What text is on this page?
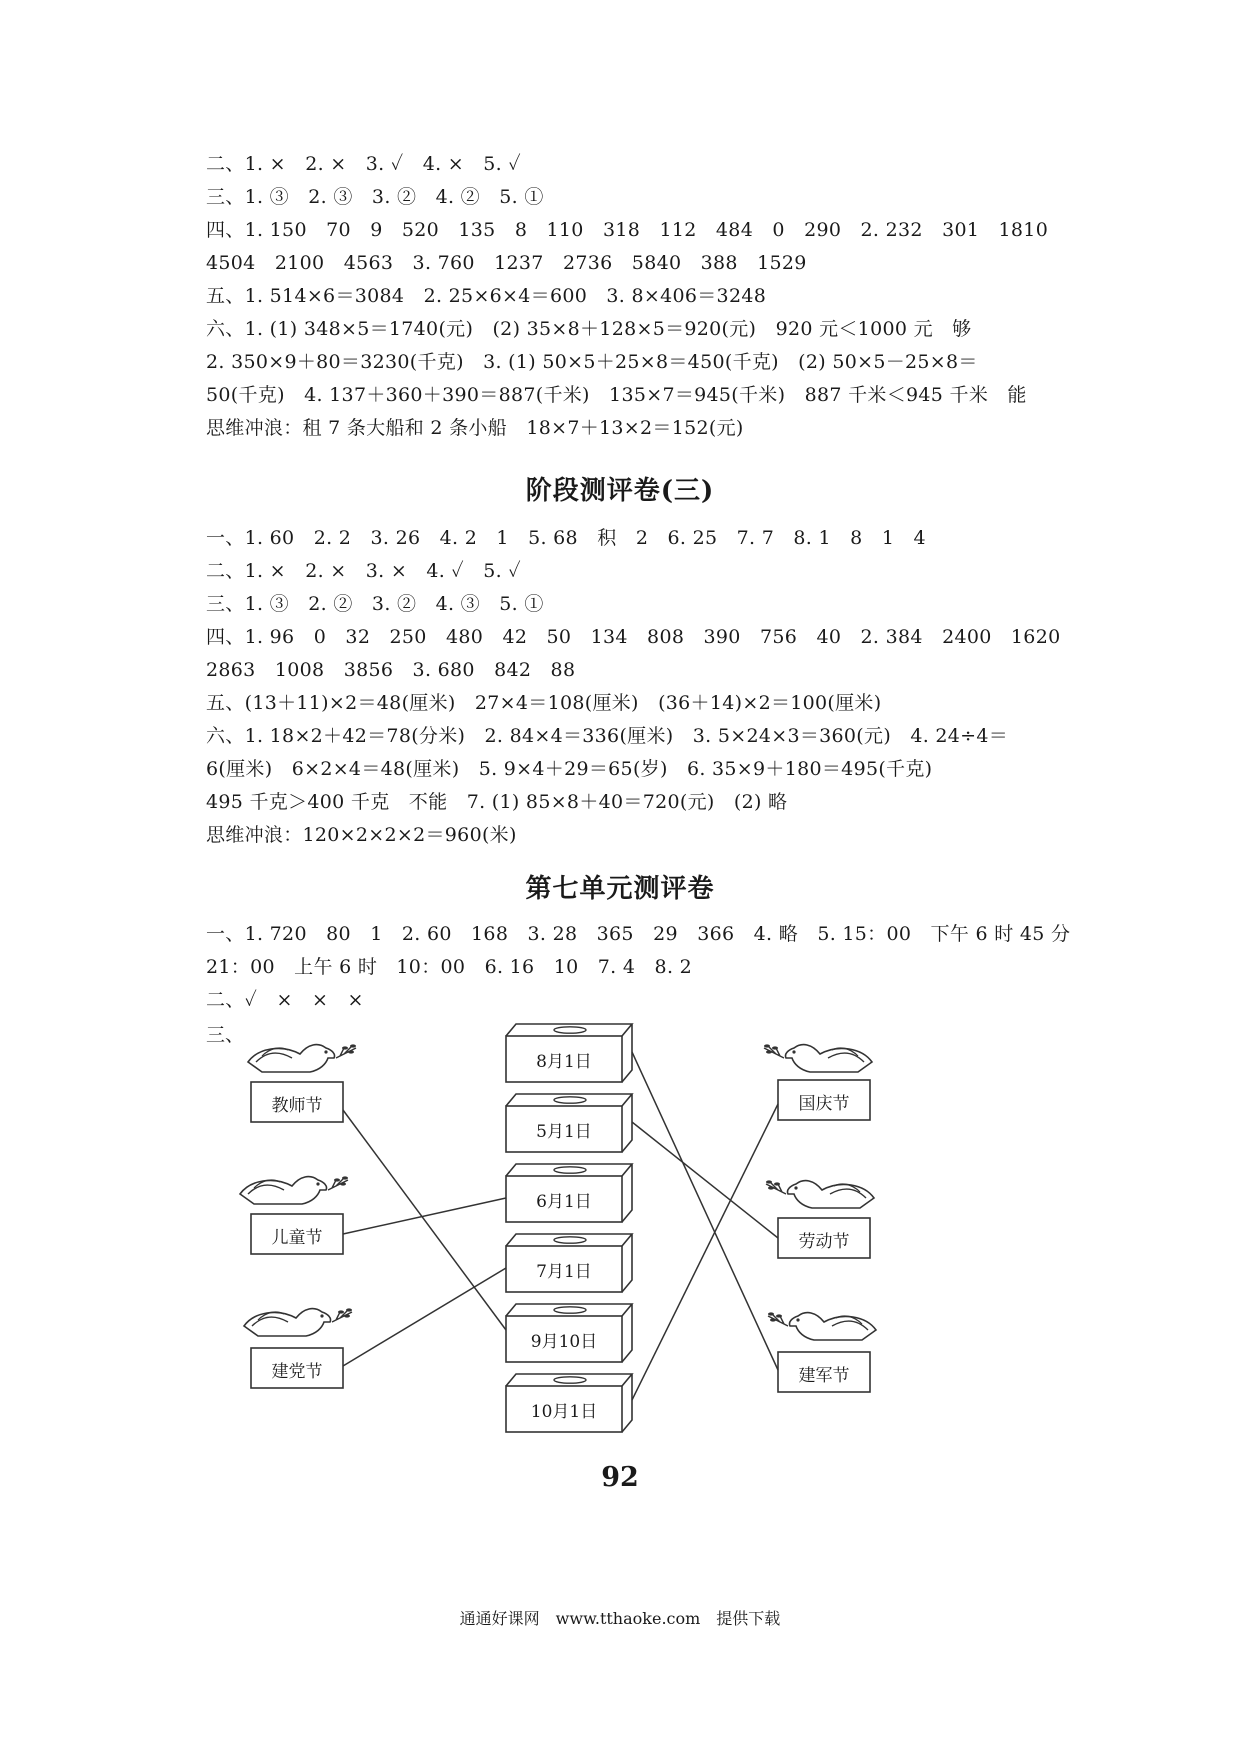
二、1. ×　2. ×　3. ✓　4. ×　5. ✓
三、1. ③　2. ③　3. ②　4. ②　5. ①
四、1. 150　70　9　520　135　8　110　318　112　484　0　290　2. 232　301　1810
4504　2100　4563　3. 760　1237　2736　5840　388　1529
五、1. 514×6＝3084　2. 25×6×4＝600　3. 8×406＝3248
六、1. (1) 348×5＝1740(元)　(2) 35×8＋128×5＝920(元)　920 元＜1000 元　够
2. 350×9＋80＝3230(千克)　3. (1) 50×5＋25×8＝450(千克)　(2) 50×5－25×8＝
50(千克)　4. 137＋360＋390＝887(千米)　135×7＝945(千米)　887 千米＜945 千米　能
思维冲浪：租 7 条大船和 2 条小船　18×7＋13×2＝152(元)
阶段测评卷(三)
一、1. 60　2. 2　3. 26　4. 2　1　5. 68　积　2　6. 25　7. 7　8. 1　8　1　4
二、1. ×　2. ×　3. ×　4. ✓　5. ✓
三、1. ③　2. ②　3. ②　4. ③　5. ①
四、1. 96　0　32　250　480　42　50　134　808　390　756　40　2. 384　2400　1620
2863　1008　3856　3. 680　842　88
五、(13＋11)×2＝48(厘米)　27×4＝108(厘米)　(36＋14)×2＝100(厘米)
六、1. 18×2＋42＝78(分米)　2. 84×4＝336(厘米)　3. 5×24×3＝360(元)　4. 24÷4＝
6(厘米)　6×2×4＝48(厘米)　5. 9×4＋29＝65(岁)　6. 35×9＋180＝495(千克)
495 千克＞400 千克　不能　7. (1) 85×8＋40＝720(元)　(2) 略
思维冲浪：120×2×2×2＝960(米)
第七单元测评卷
一、1. 720　80　1　2. 60　168　3. 28　365　29　366　4. 略　5. 15：00　下午 6 时 45 分
21：00　上午 6 时　10：00　6. 16　10　7. 4　8. 2
二、✓　×　×　×
三、
教师节
儿童节
建党节
国庆节
劳动节
建军节
8月1日
5月1日
6月1日
7月1日
9月10日
10月1日
92
通通好课网　www.tthaoke.com　提供下载
